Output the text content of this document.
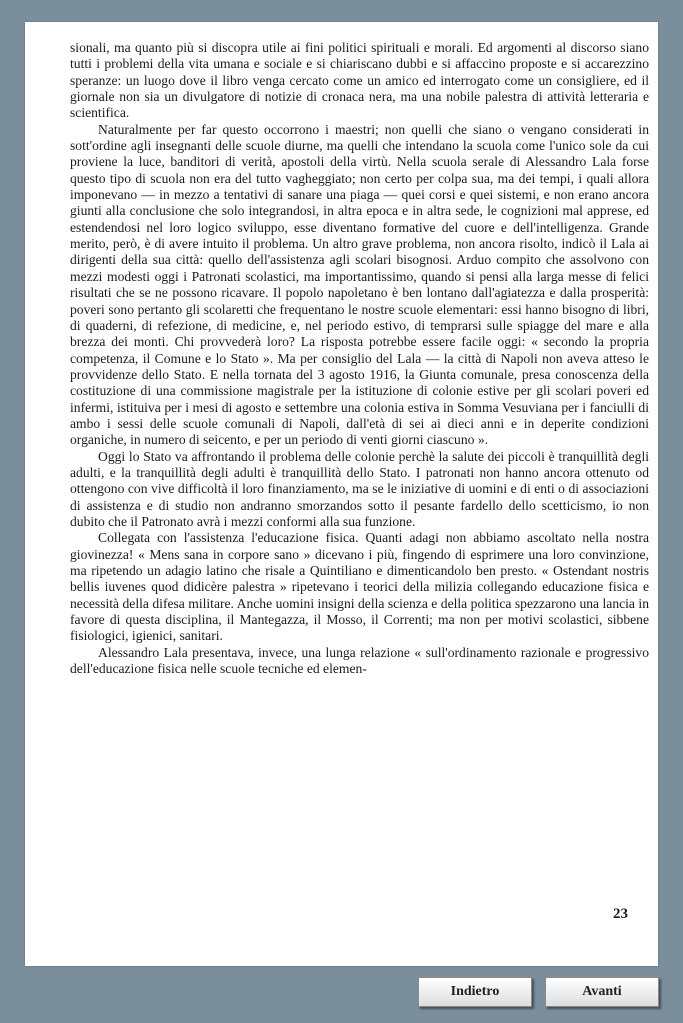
sionali, ma quanto più si discopra utile ai fini politici spirituali e morali. Ed argomenti al discorso siano tutti i problemi della vita umana e sociale e si chiariscano dubbi e si affaccino proposte e si accarezzino speranze: un luogo dove il libro venga cercato come un amico ed interrogato come un consigliere, ed il giornale non sia un divulgatore di notizie di cronaca nera, ma una nobile palestra di attività letteraria e scientifica.

Naturalmente per far questo occorrono i maestri; non quelli che siano o vengano considerati in sott'ordine agli insegnanti delle scuole diurne, ma quelli che intendano la scuola come l'unico sole da cui proviene la luce, banditori di verità, apostoli della virtù. Nella scuola serale di Alessandro Lala forse questo tipo di scuola non era del tutto vagheggiato; non certo per colpa sua, ma dei tempi, i quali allora imponevano — in mezzo a tentativi di sanare una piaga — quei corsi e quei sistemi, e non erano ancora giunti alla conclusione che solo integrandosi, in altra epoca e in altra sede, le cognizioni mal apprese, ed estendendosi nel loro logico sviluppo, esse diventano formative del cuore e dell'intelligenza. Grande merito, però, è di avere intuito il problema. Un altro grave problema, non ancora risolto, indicò il Lala ai dirigenti della sua città: quello dell'assistenza agli scolari bisognosi. Arduo compito che assolvono con mezzi modesti oggi i Patronati scolastici, ma importantissimo, quando si pensi alla larga messe di felici risultati che se ne possono ricavare. Il popolo napoletano è ben lontano dall'agiatezza e dalla prosperità: poveri sono pertanto gli scolaretti che frequentano le nostre scuole elementari: essi hanno bisogno di libri, di quaderni, di refezione, di medicine, e, nel periodo estivo, di temprarsi sulle spiagge del mare e alla brezza dei monti. Chi provvederà loro? La risposta potrebbe essere facile oggi: « secondo la propria competenza, il Comune e lo Stato ». Ma per consiglio del Lala — la città di Napoli non aveva atteso le provvidenze dello Stato. E nella tornata del 3 agosto 1916, la Giunta comunale, presa conoscenza della costituzione di una commissione magistrale per la istituzione di colonie estive per gli scolari poveri ed infermi, istituiva per i mesi di agosto e settembre una colonia estiva in Somma Vesuviana per i fanciulli di ambo i sessi delle scuole comunali di Napoli, dall'età di sei ai dieci anni e in deperite condizioni organiche, in numero di seicento, e per un periodo di venti giorni ciascuno ».

Oggi lo Stato va affrontando il problema delle colonie perchè la salute dei piccoli è tranquillità degli adulti, e la tranquillità degli adulti è tranquillità dello Stato. I patronati non hanno ancora ottenuto od ottengono con vive difficoltà il loro finanziamento, ma se le iniziative di uomini e di enti o di associazioni di assistenza e di studio non andranno smorzandos sotto il pesante fardello dello scetticismo, io non dubito che il Patronato avrà i mezzi conformi alla sua funzione.

Collegata con l'assistenza l'educazione fisica. Quanti adagi non abbiamo ascoltato nella nostra giovinezza! « Mens sana in corpore sano » dicevano i più, fingendo di esprimere una loro convinzione, ma ripetendo un adagio latino che risale a Quintiliano e dimenticandolo ben presto. « Ostendant nostris bellis iuvenes quod didicère palestra » ripetevano i teorici della milizia collegando educazione fisica e necessità della difesa militare. Anche uomini insigni della scienza e della politica spezzarono una lancia in favore di questa disciplina, il Mantegazza, il Mosso, il Correnti; ma non per motivi scolastici, sibbene fisiologici, igienici, sanitari.

Alessandro Lala presentava, invece, una lunga relazione « sull'ordinamento razionale e progressivo dell'educazione fisica nelle scuole tecniche ed elemen-

23
Indietro	Avanti
